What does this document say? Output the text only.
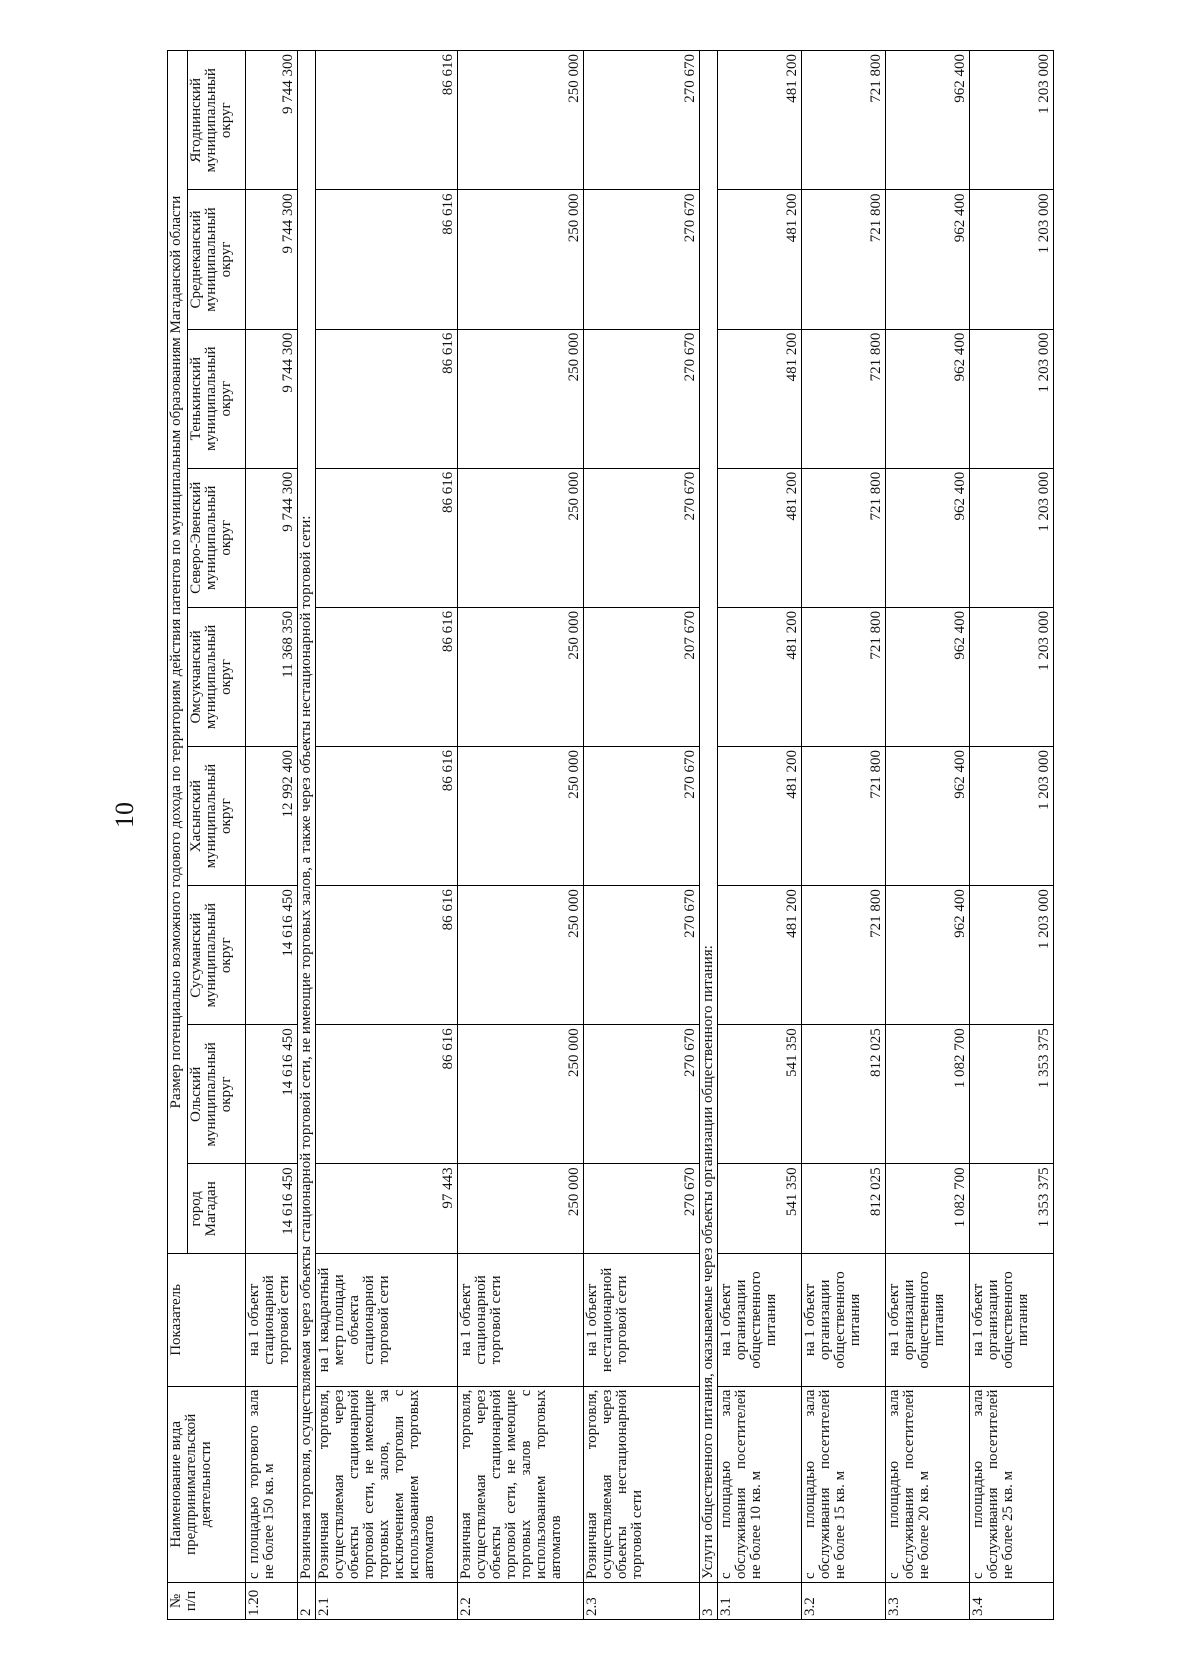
10
№ п/п	Наименование вида предпринимательской деятельности	Показатель	Размер потенциально возможного годового дохода по территориям действия патентов по муниципальным образованиям Магаданской области								
			город Магадан	Ольский муниципальный округ	Сусуманский муниципальный округ	Хасынский муниципальный округ	Омсукчанский муниципальный округ	Северо-Эвенский муниципальный округ	Тенькинский муниципальный округ	Среднеканский муниципальный округ	Ягоднинский муниципальный округ
1.20	с площадью торгового зала не более 150 кв. м	на 1 объект стационарной торговой сети	14 616 450	14 616 450	14 616 450	12 992 400	11 368 350	9 744 300	9 744 300	9 744 300	9 744 300
2	Розничная торговля, осуществляемая через объекты стационарной торговой сети, не имеющие торговых залов, а также через объекты нестационарной торговой сети:										
2.1	Розничная торговля, осуществляемая через объекты стационарной торговой сети, не имеющие торговых залов, за исключением торговли с использованием торговых автоматов	на 1 квадратный метр площади объекта стационарной торговой сети	97 443	86 616	86 616	86 616	86 616	86 616	86 616	86 616	86 616
2.2	Розничная торговля, осуществляемая через объекты стационарной торговой сети, не имеющие торговых залов с использованием торговых автоматов	на 1 объект стационарной торговой сети	250 000	250 000	250 000	250 000	250 000	250 000	250 000	250 000	250 000
2.3	Розничная торговля, осуществляемая через объекты нестационарной торговой сети	на 1 объект нестационарной торговой сети	270 670	270 670	270 670	270 670	207 670	270 670	270 670	270 670	270 670
3	Услуги общественного питания, оказываемые через объекты организации общественного питания:										
3.1	с площадью зала обслуживания посетителей не более 10 кв. м	на 1 объект организации общественного питания	541 350	541 350	481 200	481 200	481 200	481 200	481 200	481 200	481 200
3.2	с площадью зала обслуживания посетителей не более 15 кв. м	на 1 объект организации общественного питания	812 025	812 025	721 800	721 800	721 800	721 800	721 800	721 800	721 800
3.3	с площадью зала обслуживания посетителей не более 20 кв. м	на 1 объект организации общественного питания	1 082 700	1 082 700	962 400	962 400	962 400	962 400	962 400	962 400	962 400
3.4	с площадью зала обслуживания посетителей не более 25 кв. м	на 1 объект организации общественного питания	1 353 375	1 353 375	1 203 000	1 203 000	1 203 000	1 203 000	1 203 000	1 203 000	1 203 000
